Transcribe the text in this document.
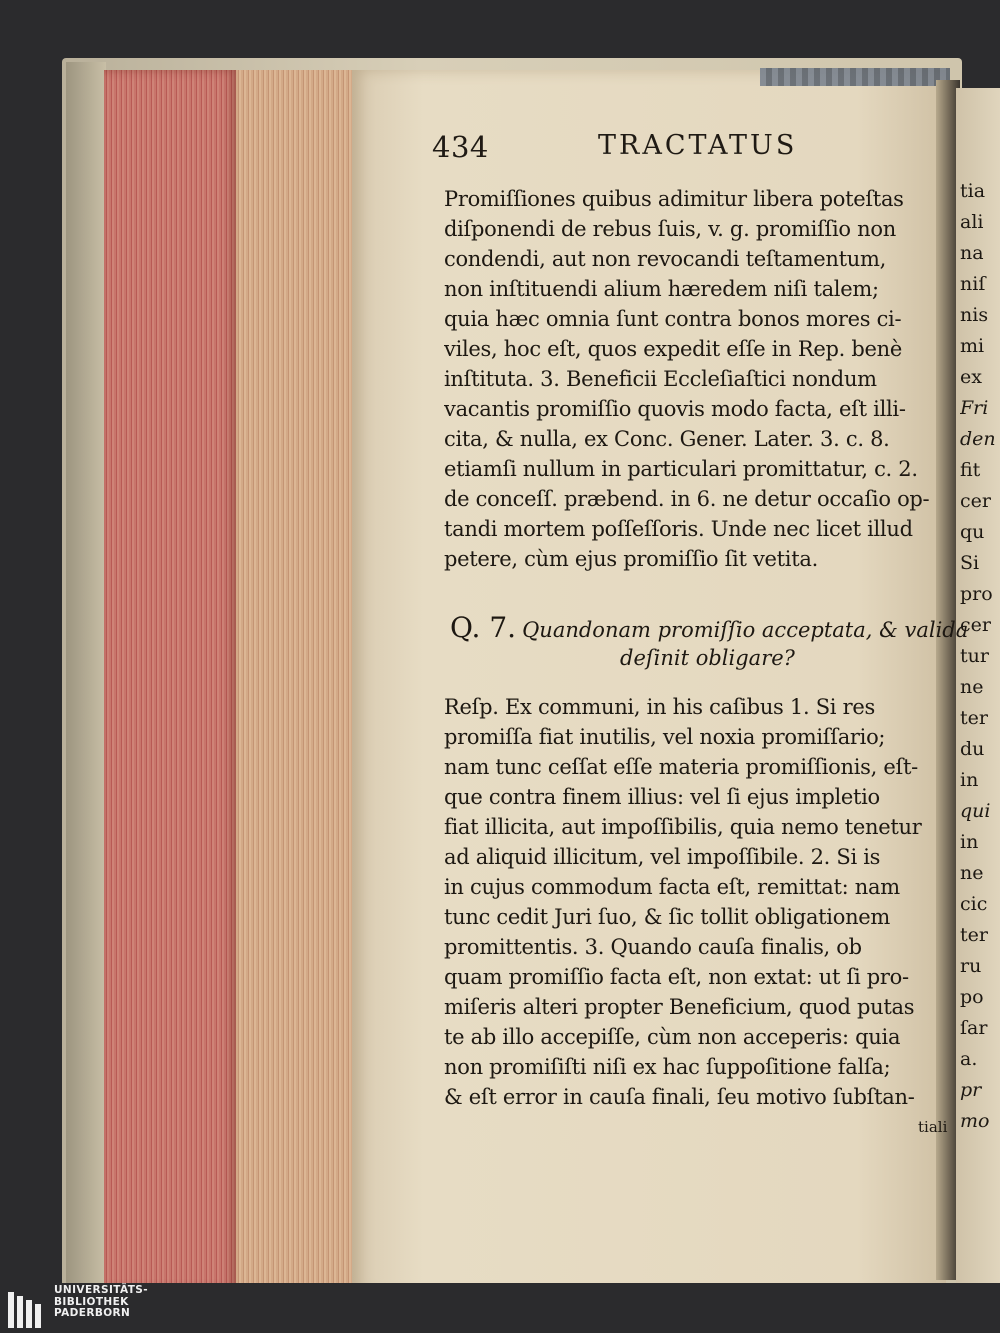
434	TRACTATUS
Promiſſiones quibus adimitur libera poteſtas
diſponendi de rebus ſuis, v. g. promiſſio non
condendi, aut non revocandi teſtamentum,
non inſtituendi alium hæredem niſi talem;
quia hæc omnia ſunt contra bonos mores ci-
viles, hoc eſt, quos expedit eſſe in Rep. benè
inſtituta. 3. Beneficii Eccleſiaſtici nondum
vacantis promiſſio quovis modo facta, eſt illi-
cita, & nulla, ex Conc. Gener. Later. 3. c. 8.
etiamſi nullum in particulari promittatur, c. 2.
de conceſſ. præbend. in 6. ne detur occaſio op-
tandi mortem poſſeſſoris. Unde nec licet illud
petere, cùm ejus promiſſio ſit vetita.
Q. 7. Quandonam promiſſio acceptata, & valida
deſinit obligare?
Reſp. Ex communi, in his caſibus 1. Si res
promiſſa fiat inutilis, vel noxia promiſſario;
nam tunc ceſſat eſſe materia promiſſionis, eſt-
que contra finem illius: vel ſi ejus impletio
fiat illicita, aut impoſſibilis, quia nemo tenetur
ad aliquid illicitum, vel impoſſibile. 2. Si is
in cujus commodum facta eſt, remittat: nam
tunc cedit Juri ſuo, & ſic tollit obligationem
promittentis. 3. Quando cauſa finalis, ob
quam promiſſio facta eſt, non extat: ut ſi pro-
miſeris alteri propter Beneficium, quod putas
te ab illo accepiſſe, cùm non acceperis: quia
non promiſiſti niſi ex hac ſuppoſitione falſa;
& eſt error in cauſa finali, ſeu motivo ſubſtan-
tiali
tia
ali
na
niſ
nis
mi
ex
Fri
den
fit
cer
qu
Si
pro
cer
tur
ne
ter
du
in
qui
in
ne
cic
ter
ru
po
ſar
a.
pr
mo
UNIVERSITÄTS-
BIBLIOTHEK
PADERBORN
